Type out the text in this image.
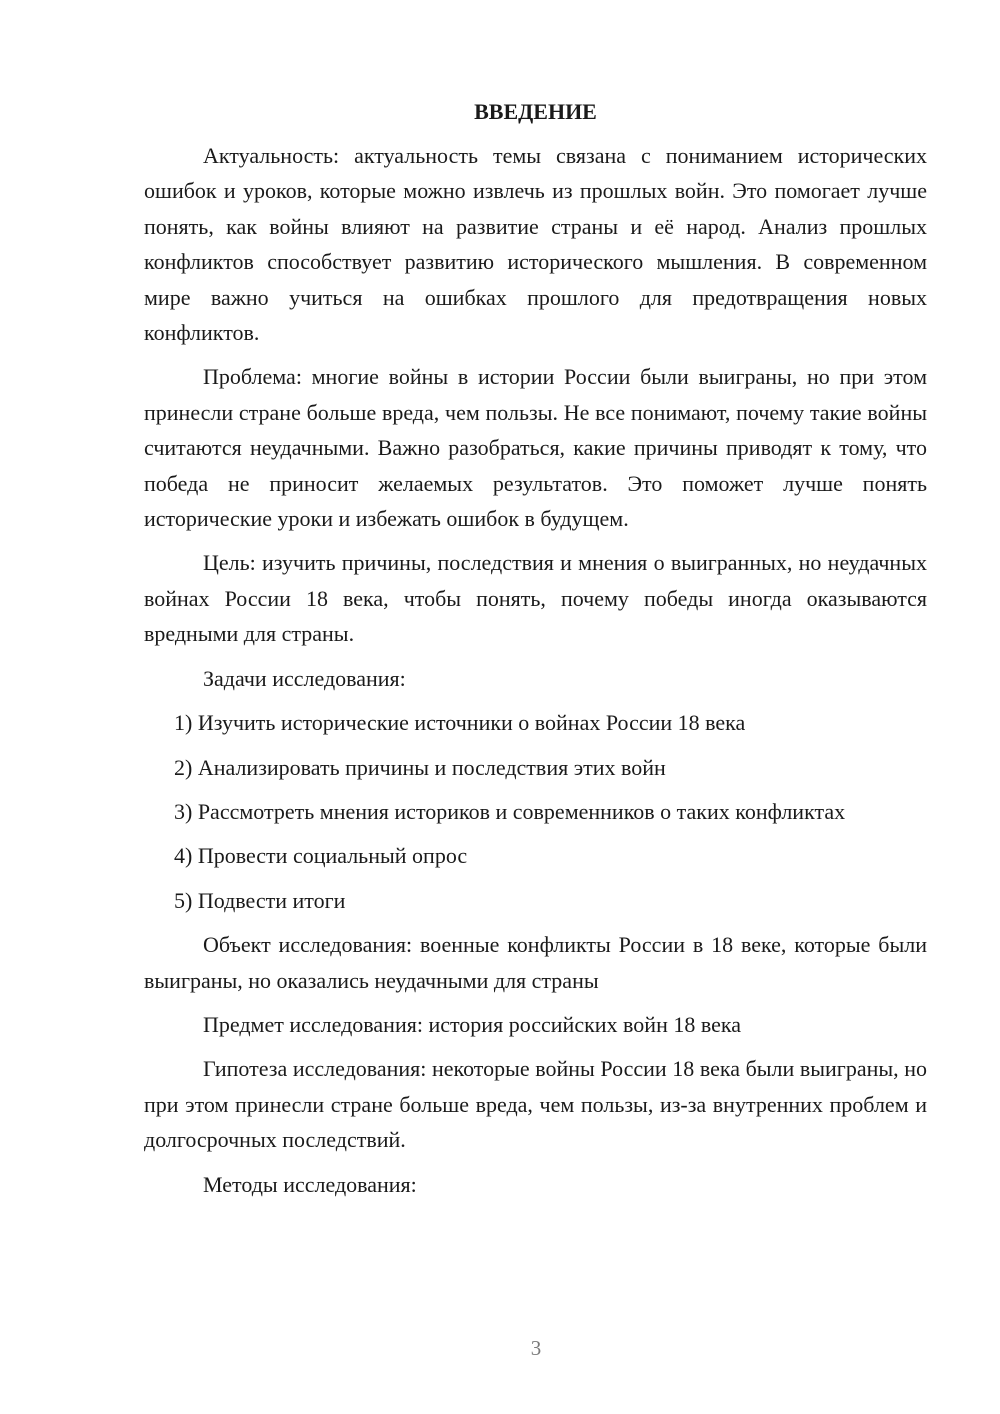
ВВЕДЕНИЕ

Актуальность: актуальность темы связана с пониманием исторических ошибок и уроков, которые можно извлечь из прошлых войн. Это помогает лучше понять, как войны влияют на развитие страны и её народ. Анализ прошлых конфликтов способствует развитию исторического мышления. В современном мире важно учиться на ошибках прошлого для предотвращения новых конфликтов.

Проблема: многие войны в истории России были выиграны, но при этом принесли стране больше вреда, чем пользы. Не все понимают, почему такие войны считаются неудачными. Важно разобраться, какие причины приводят к тому, что победа не приносит желаемых результатов. Это поможет лучше понять исторические уроки и избежать ошибок в будущем.

Цель: изучить причины, последствия и мнения о выигранных, но неудачных войнах России 18 века, чтобы понять, почему победы иногда оказываются вредными для страны.

Задачи исследования:

1) Изучить исторические источники о войнах России 18 века

2) Анализировать причины и последствия этих войн

3) Рассмотреть мнения историков и современников о таких конфликтах

4) Провести социальный опрос

5) Подвести итоги

Объект исследования: военные конфликты России в 18 веке, которые были выиграны, но оказались неудачными для страны

Предмет исследования: история российских войн 18 века

Гипотеза исследования: некоторые войны России 18 века были выиграны, но при этом принесли стране больше вреда, чем пользы, из-за внутренних проблем и долгосрочных последствий.

Методы исследования:

3
